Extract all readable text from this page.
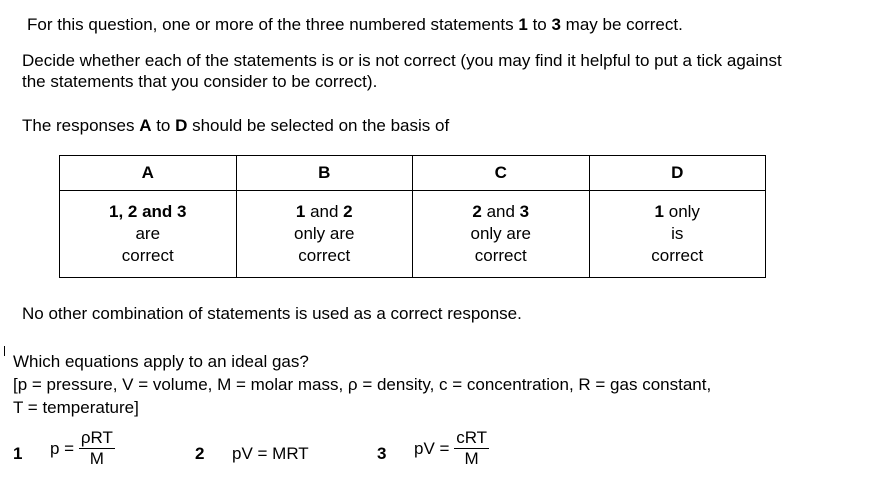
For this question, one or more of the three numbered statements 1 to 3 may be correct.
Decide whether each of the statements is or is not correct (you may find it helpful to put a tick against
the statements that you consider to be correct).
The responses A to D should be selected on the basis of
A	B	C	D
1, 2 and 3
are
correct	1 and 2
only are
correct	2 and 3
only are
correct	1 only
is
correct
No other combination of statements is used as a correct response.
Which equations apply to an ideal gas?
[p = pressure, V = volume, M = molar mass, ρ = density, c = concentration, R = gas constant,
T = temperature]
1 $p = \frac{\text{ρRT}}{M}$	2 pV = MRT	3 pV = $\frac{\text{cRT}}{M}$
